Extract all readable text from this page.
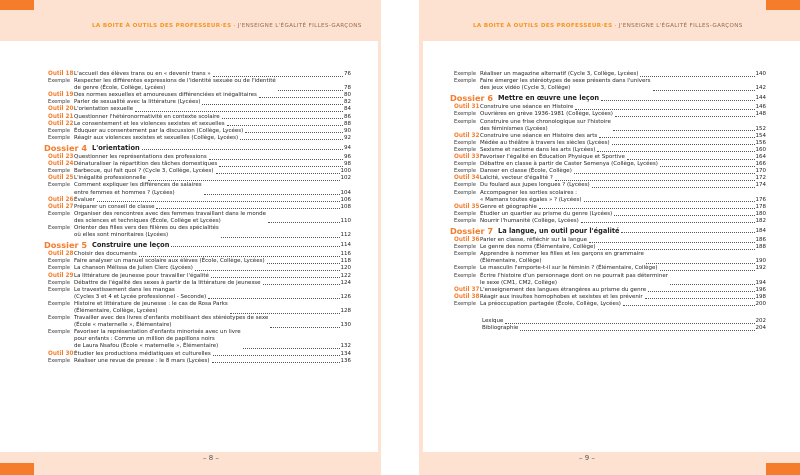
LA BOITE À OUTILS DES PROFESSEUR·ES · J'ENSEIGNE L'ÉGALITÉ FILLES-GARÇONS
Outil 18 L'accueil des élèves trans ou en « devenir trans »	76
Exemple Respecter les différentes expressions de l'identité sexuée ou de l'identité
de genre (École, Collège, Lycées)	78
Outil 19 Des normes sexuelles et amoureuses différenciées et inégalitaires	80
Exemple Parler de sexualité avec la littérature (Lycées)	82
Outil 20 L'orientation sexuelle	84
Outil 21 Questionner l'hétéronormativité en contexte scolaire	86
Outil 22 Le consentement et les violences sexistes et sexuelles	88
Exemple Éduquer au consentement par la discussion (Collège, Lycées)	90
Exemple Réagir aux violences sexistes et sexuelles (Collège, Lycées)	92
Dossier 4 L'orientation	94
Outil 23 Questionner les représentations des professions	96
Outil 24 Dénaturaliser la répartition des tâches domestiques	98
Exemple Barbecue, qui fait quoi ? (Cycle 3, Collège, Lycées)	100
Outil 25 L'inégalité professionnelle	102
Exemple Comment expliquer les différences de salaires
entre femmes et hommes ? (Lycées)	104
Outil 26 Évaluer	106
Outil 27 Préparer un conseil de classe	108
Exemple Organiser des rencontres avec des femmes travaillant dans le monde
des sciences et techniques (École, Collège et Lycées)	110
Exemple Orienter des filles vers des filières ou des spécialités
où elles sont minoritaires (Lycées)	112
Dossier 5 Construire une leçon	114
Outil 28 Choisir des documents	116
Exemple Faire analyser un manuel scolaire aux élèves (École, Collège, Lycées)	118
Exemple La chanson Mélissa de Julien Clerc (Lycées)	120
Outil 29 La littérature de jeunesse pour travailler l'égalité	122
Exemple Débattre de l'égalité des sexes à partir de la littérature de jeunesse	124
Exemple Le travestissement dans les mangas
(Cycles 3 et 4 et Lycée professionnel - Seconde)	126
Exemple Histoire et littérature de jeunesse : le cas de Rosa Parks
(Élémentaire, Collège, Lycées)	128
Exemple Travailler avec des livres d'enfants mobilisant des stéréotypes de sexe
(École « maternelle », Élémentaire)	130
Exemple Favoriser la représentation d'enfants minorisés avec un livre
pour enfants : Comme un million de papillons noirs
de Laura Nsafou (École « maternelle », Élémentaire)	132
Outil 30 Étudier les productions médiatiques et culturelles	134
Exemple Réaliser une revue de presse : le 8 mars (Lycées)	136
– 8 –
LA BOITE À OUTILS DES PROFESSEUR·ES · J'ENSEIGNE L'ÉGALITÉ FILLES-GARÇONS
Exemple Réaliser un magazine alternatif (Cycle 3, Collège, Lycées)	140
Exemple Faire émerger les stéréotypes de sexe présents dans l'univers
des jeux vidéo (Cycle 3, Collège)	142
Dossier 6 Mettre en œuvre une leçon	144
Outil 31 Construire une séance en Histoire	146
Exemple Ouvrières en grève 1936-1981 (Collège, Lycées)	148
Exemple Construire une frise chronologique sur l'histoire
des féminismes (Lycées)	152
Outil 32 Construire une séance en Histoire des arts	154
Exemple Médée au théâtre à travers les siècles (Lycées)	156
Exemple Sexisme et racisme dans les arts (Lycées)	160
Outil 33 Favoriser l'égalité en Éducation Physique et Sportive	164
Exemple Débattre en classe à partir de Caster Semenya (Collège, Lycées)	166
Exemple Danser en classe (École, Collège)	170
Outil 34 Laïcité, vecteur d'égalité ?	172
Exemple Du foulard aux jupes longues ? (Lycées)	174
Exemple Accompagner les sorties scolaires :
« Mamans toutes égales » ? (Lycées)	176
Outil 35 Genre et géographie	178
Exemple Étudier un quartier au prisme du genre (Lycées)	180
Exemple Nourrir l'humanité (Collège, Lycées)	182
Dossier 7 La langue, un outil pour l'égalité	184
Outil 36 Parler en classe, réfléchir sur la langue	186
Exemple Le genre des noms (Élémentaire, Collège)	188
Exemple Apprendre à nommer les filles et les garçons en grammaire
(Élémentaire, Collège)	190
Exemple Le masculin l'emporte-t-il sur le féminin ? (Élémentaire, Collège)	192
Exemple Écrire l'histoire d'un personnage dont on ne pourrait pas déterminer
le sexe (CM1, CM2, Collège)	194
Outil 37 L'enseignement des langues étrangères au prisme du genre	196
Outil 38 Réagir aux insultes homophobes et sexistes et les prévenir	198
Exemple La préoccupation partagée (École, Collège, Lycées)	200
Lexique	202
Bibliographie	204
– 9 –
